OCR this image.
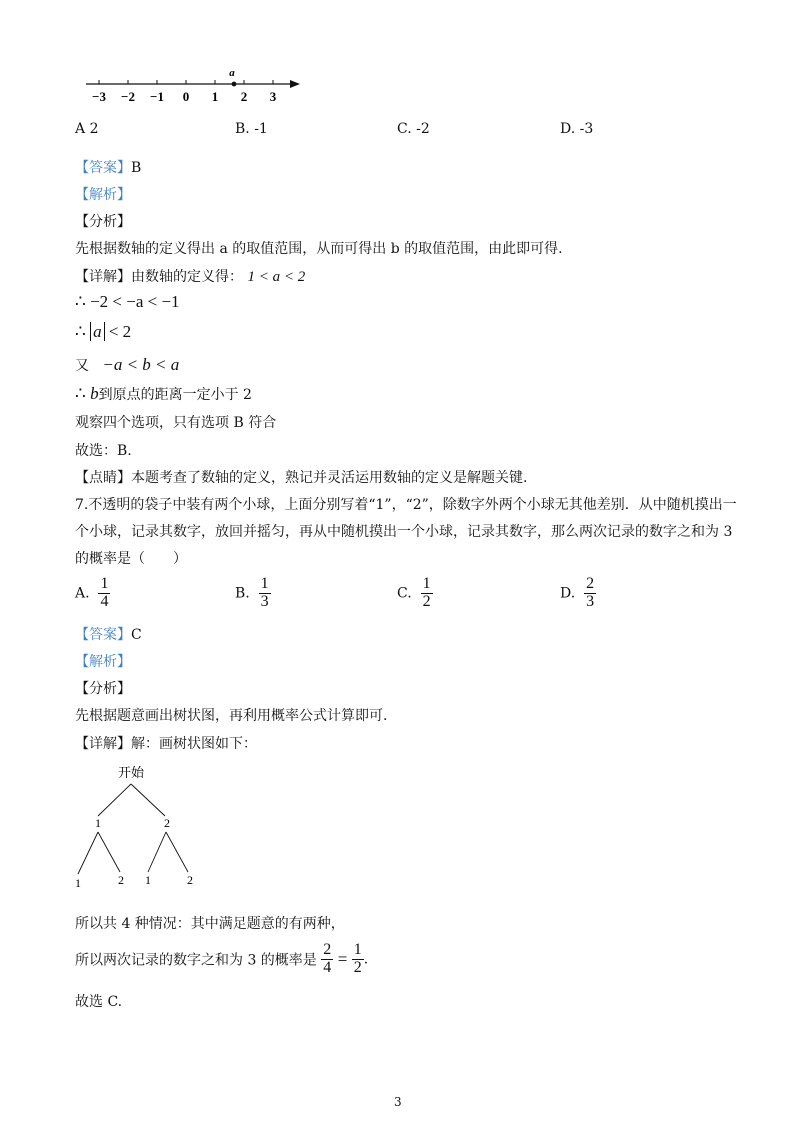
a
−3 −2 −1 0 1 2 3
A 2	B. -1	C. -2	D. -3
【答案】B
【解析】
【分析】
先根据数轴的定义得出 a 的取值范围，从而可得出 b 的取值范围，由此即可得.
【详解】由数轴的定义得： 1 < a < 2
∴ −2 < −a < −1
∴ a < 2
又 −a < b < a
∴ b到原点的距离一定小于 2
观察四个选项，只有选项 B 符合
故选：B.
【点睛】本题考查了数轴的定义，熟记并灵活运用数轴的定义是解题关键.
7.不透明的袋子中装有两个小球，上面分别写着“1”，“2”，除数字外两个小球无其他差别．从中随机摸出一
个小球，记录其数字，放回并摇匀，再从中随机摸出一个小球，记录其数字，那么两次记录的数字之和为 3
的概率是（　　）
A. $\frac{1}{4}$	B. $\frac{1}{3}$	C. $\frac{1}{2}$	D. $\frac{2}{3}$
【答案】C
【解析】
【分析】
先根据题意画出树状图，再利用概率公式计算即可.
【详解】解：画树状图如下：
开始
1	2
1	2 1	2
所以共 4 种情况：其中满足题意的有两种，
所以两次记录的数字之和为 3 的概率是 $\frac{2}{4} = \frac{1}{2}$ .
故选 C.
3
